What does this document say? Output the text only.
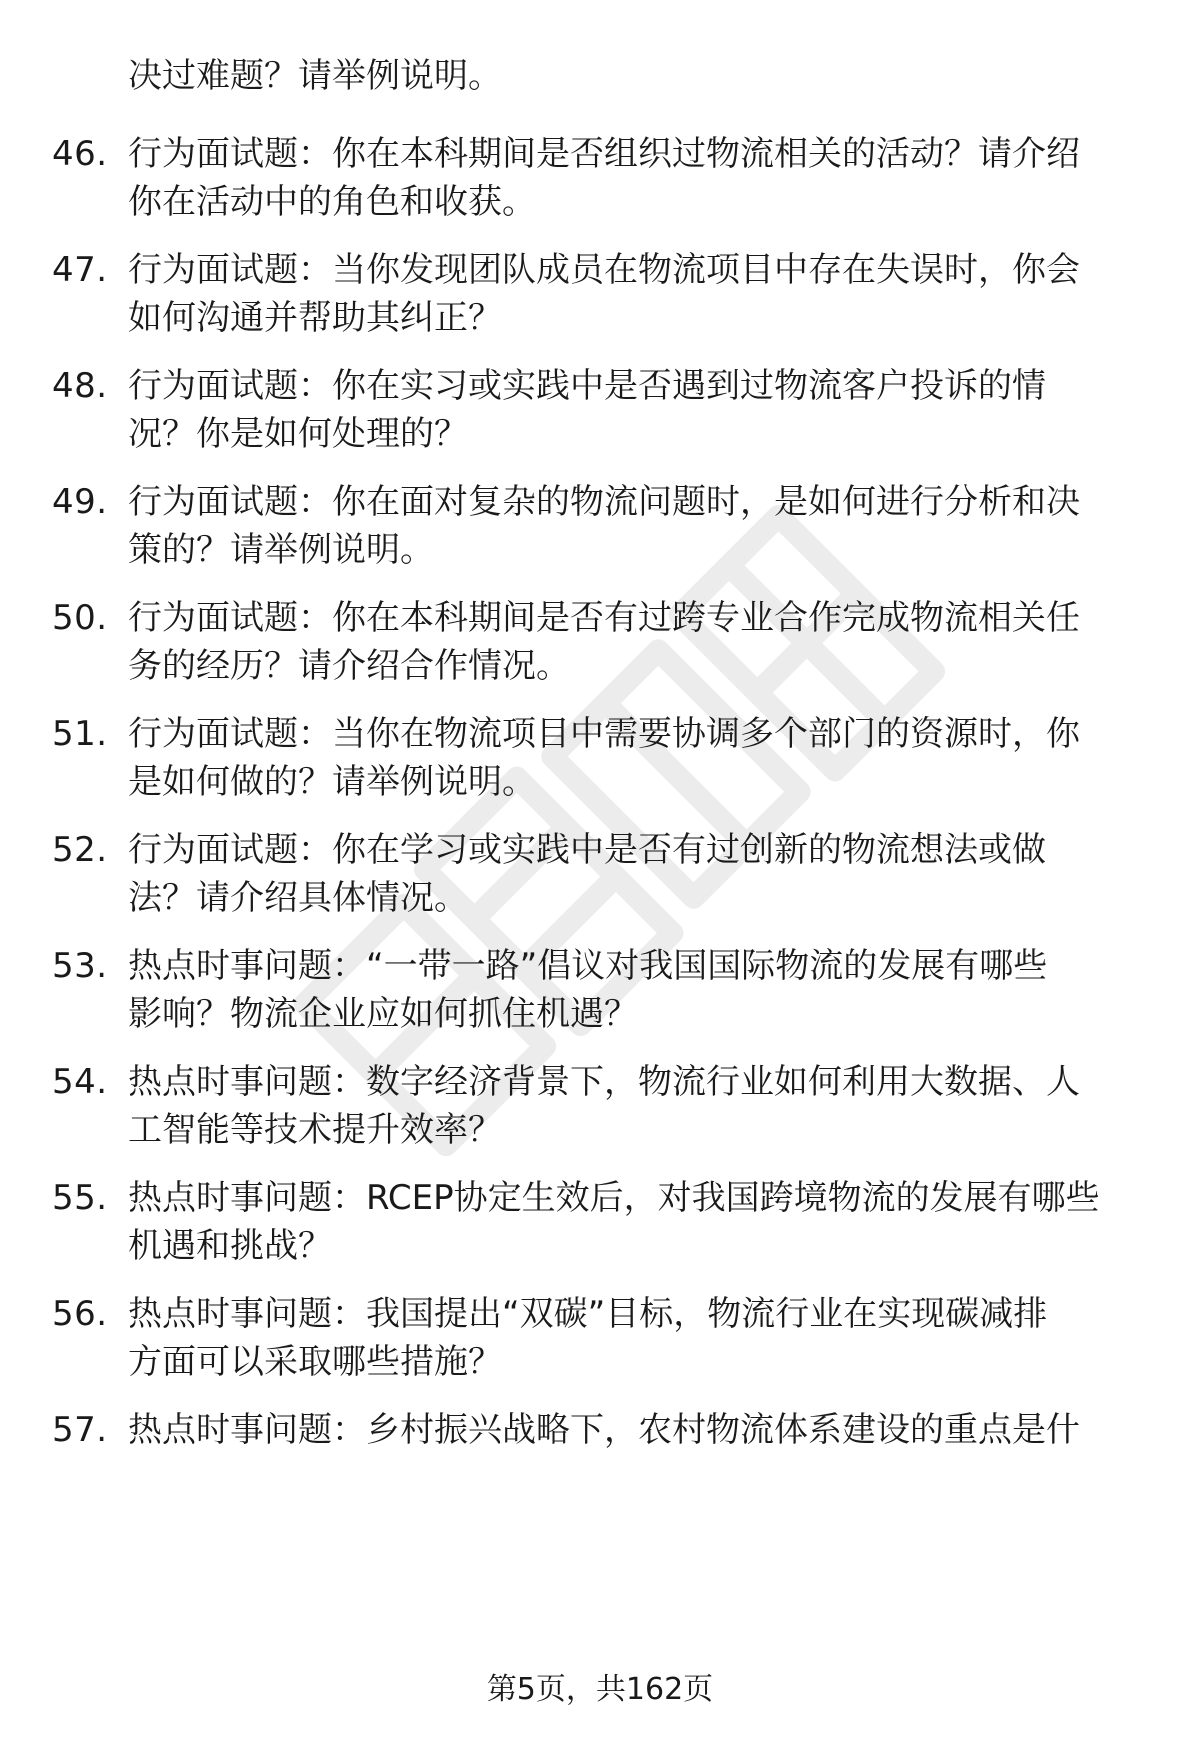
决过难题？请举例说明。
46. 行为面试题：你在本科期间是否组织过物流相关的活动？请介绍
你在活动中的角色和收获。
47. 行为面试题：当你发现团队成员在物流项目中存在失误时，你会
如何沟通并帮助其纠正？
48. 行为面试题：你在实习或实践中是否遇到过物流客户投诉的情
况？你是如何处理的？
49. 行为面试题：你在面对复杂的物流问题时，是如何进行分析和决
策的？请举例说明。
50. 行为面试题：你在本科期间是否有过跨专业合作完成物流相关任
务的经历？请介绍合作情况。
51. 行为面试题：当你在物流项目中需要协调多个部门的资源时，你
是如何做的？请举例说明。
52. 行为面试题：你在学习或实践中是否有过创新的物流想法或做
法？请介绍具体情况。
53. 热点时事问题：“一带一路”倡议对我国国际物流的发展有哪些
影响？物流企业应如何抓住机遇？
54. 热点时事问题：数字经济背景下，物流行业如何利用大数据、人
工智能等技术提升效率？
55. 热点时事问题：RCEP协定生效后，对我国跨境物流的发展有哪些
机遇和挑战？
56. 热点时事问题：我国提出“双碳”目标，物流行业在实现碳减排
方面可以采取哪些措施？
57. 热点时事问题：乡村振兴战略下，农村物流体系建设的重点是什
第5页，共162页
